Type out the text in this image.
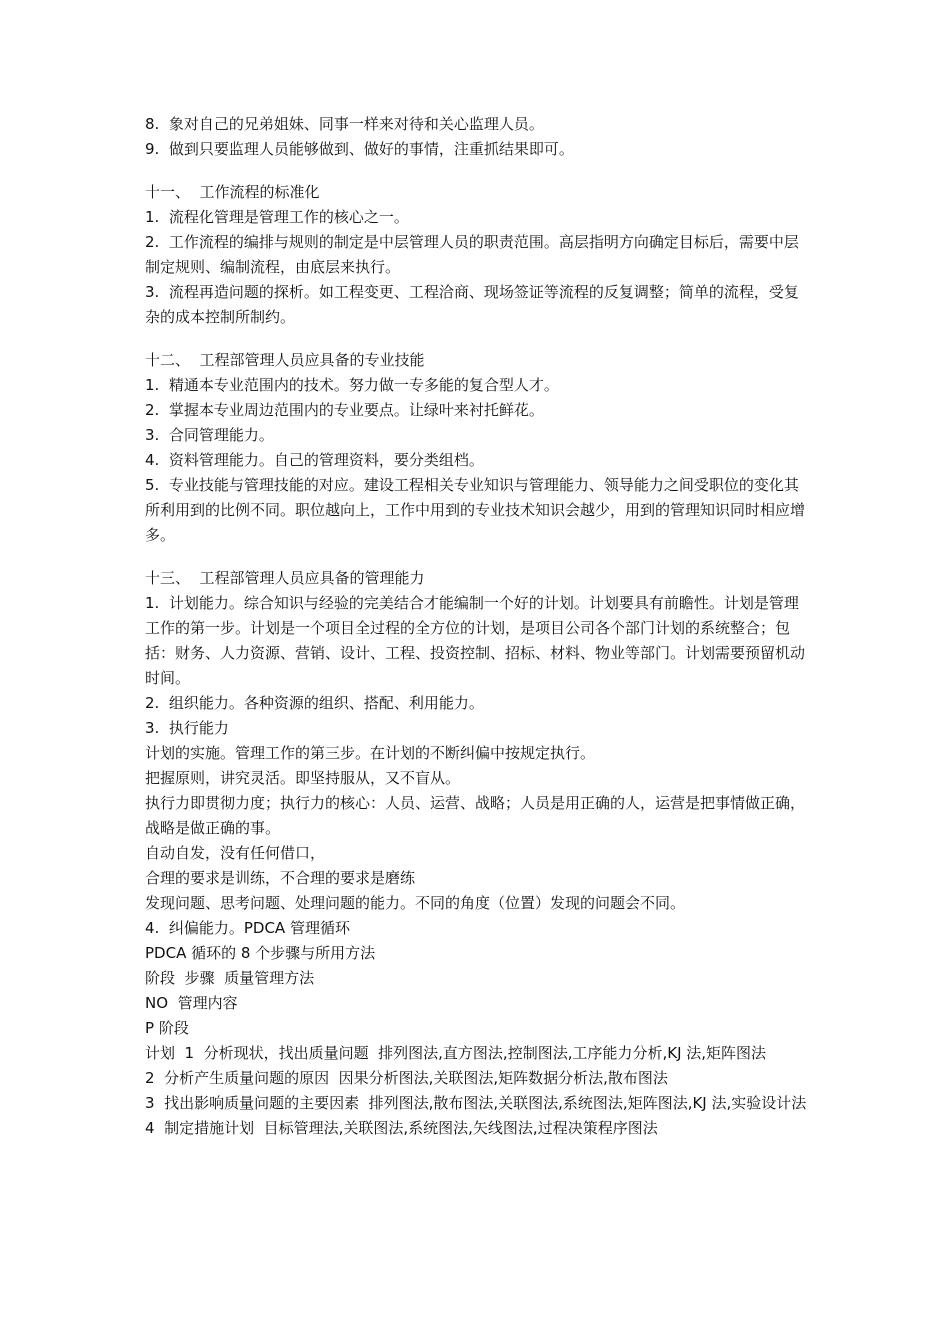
8.  象对自己的兄弟姐妹、同事一样来对待和关心监理人员。
9.  做到只要监理人员能够做到、做好的事情，注重抓结果即可。
十一、  工作流程的标准化
1.  流程化管理是管理工作的核心之一。
2.  工作流程的编排与规则的制定是中层管理人员的职责范围。高层指明方向确定目标后，需要中层制定规则、编制流程，由底层来执行。
3.  流程再造问题的探析。如工程变更、工程洽商、现场签证等流程的反复调整；简单的流程，受复杂的成本控制所制约。
十二、  工程部管理人员应具备的专业技能
1.  精通本专业范围内的技术。努力做一专多能的复合型人才。
2.  掌握本专业周边范围内的专业要点。让绿叶来衬托鲜花。
3.  合同管理能力。
4.  资料管理能力。自己的管理资料，要分类组档。
5.  专业技能与管理技能的对应。建设工程相关专业知识与管理能力、领导能力之间受职位的变化其所利用到的比例不同。职位越向上，工作中用到的专业技术知识会越少，用到的管理知识同时相应增多。
十三、  工程部管理人员应具备的管理能力
1.  计划能力。综合知识与经验的完美结合才能编制一个好的计划。计划要具有前瞻性。计划是管理工作的第一步。计划是一个项目全过程的全方位的计划，是项目公司各个部门计划的系统整合；包括：财务、人力资源、营销、设计、工程、投资控制、招标、材料、物业等部门。计划需要预留机动时间。
2.  组织能力。各种资源的组织、搭配、利用能力。
3.  执行能力
计划的实施。管理工作的第三步。在计划的不断纠偏中按规定执行。
把握原则，讲究灵活。即坚持服从，又不盲从。
执行力即贯彻力度；执行力的核心：人员、运营、战略；人员是用正确的人，运营是把事情做正确，战略是做正确的事。
自动自发，没有任何借口，
合理的要求是训练，不合理的要求是磨练
发现问题、思考问题、处理问题的能力。不同的角度（位置）发现的问题会不同。
4.  纠偏能力。PDCA 管理循环
PDCA 循环的 8 个步骤与所用方法
阶段  步骤  质量管理方法
NO  管理内容
P 阶段
计划  1  分析现状，找出质量问题  排列图法,直方图法,控制图法,工序能力分析,KJ 法,矩阵图法
2  分析产生质量问题的原因  因果分析图法,关联图法,矩阵数据分析法,散布图法
3  找出影响质量问题的主要因素  排列图法,散布图法,关联图法,系统图法,矩阵图法,KJ 法,实验设计法
4  制定措施计划  目标管理法,关联图法,系统图法,矢线图法,过程决策程序图法
